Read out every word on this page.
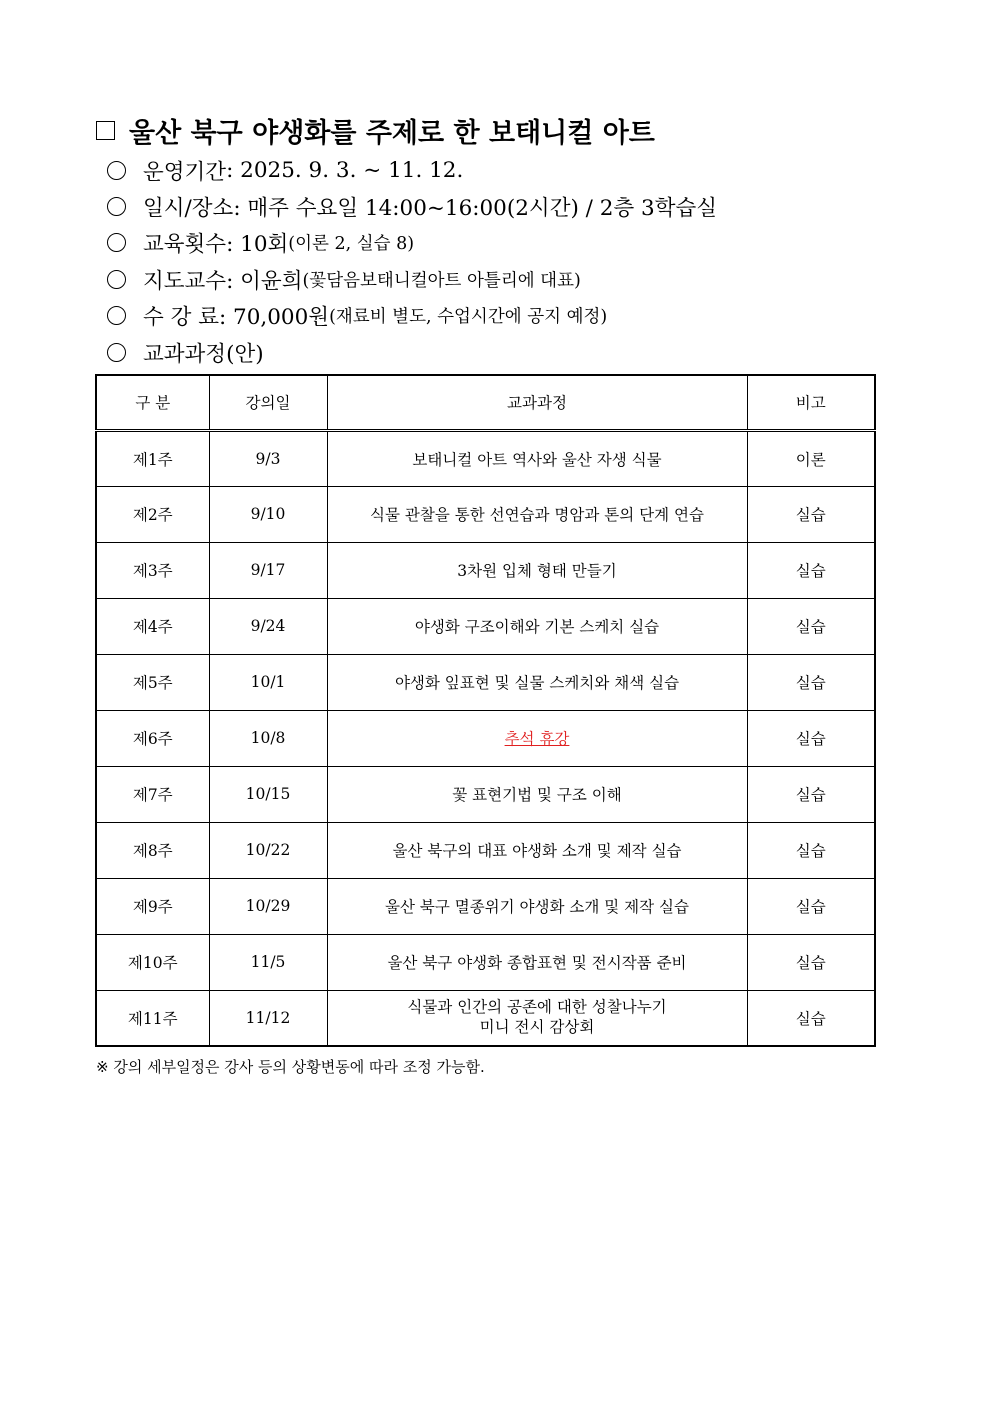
울산 북구 야생화를 주제로 한 보태니컬 아트
운영기간 : 2025. 9. 3. ~ 11. 12.
일시/장소 : 매주 수요일 14:00~16:00(2시간) / 2층 3학습실
교육횟수 : 10회 (이론 2, 실습 8)
지도교수 : 이윤희 (꽃담음보태니컬아트 아틀리에 대표)
수 강 료 : 70,000원 (재료비 별도, 수업시간에 공지 예정)
교과과정(안)
구 분	강의일	교과과정	비고
제1주	9/3	보태니컬 아트 역사와 울산 자생 식물	이론
제2주	9/10	식물 관찰을 통한 선연습과 명암과 톤의 단계 연습	실습
제3주	9/17	3차원 입체 형태 만들기	실습
제4주	9/24	야생화 구조이해와 기본 스케치 실습	실습
제5주	10/1	야생화 잎표현 및 실물 스케치와 채색 실습	실습
제6주	10/8	추석 휴강	실습
제7주	10/15	꽃 표현기법 및 구조 이해	실습
제8주	10/22	울산 북구의 대표 야생화 소개 및 제작 실습	실습
제9주	10/29	울산 북구 멸종위기 야생화 소개 및 제작 실습	실습
제10주	11/5	울산 북구 야생화 종합표현 및 전시작품 준비	실습
제11주	11/12	식물과 인간의 공존에 대한 성찰나누기
미니 전시 감상회	실습
※ 강의 세부일정은 강사 등의 상황변동에 따라 조정 가능함.
